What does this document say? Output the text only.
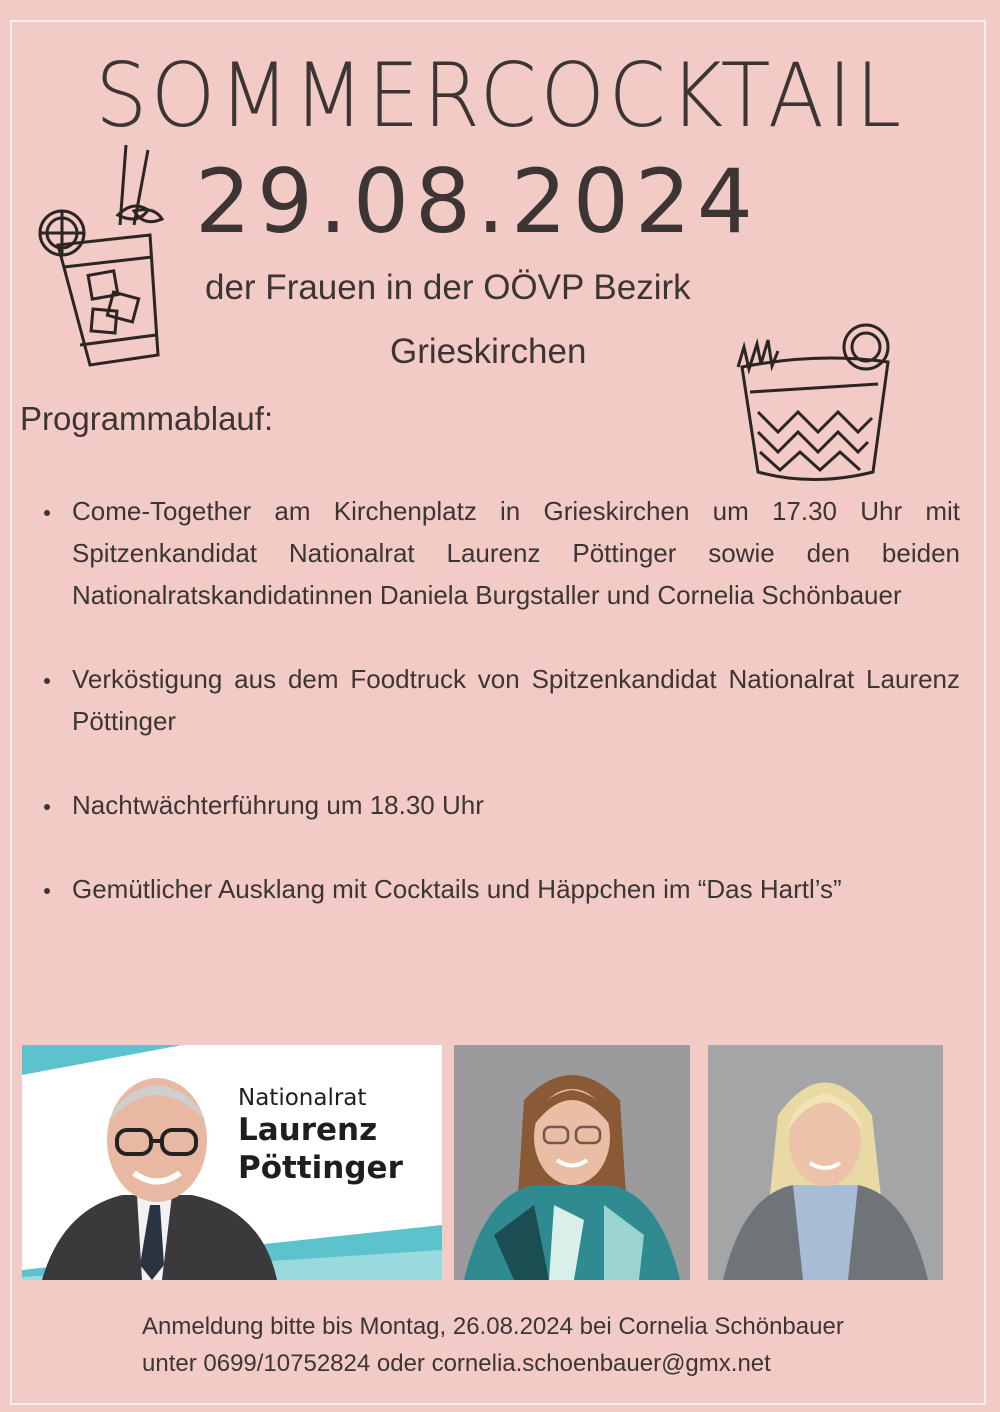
SOMMERCOCKTAIL
29.08.2024
der Frauen in der OÖVP Bezirk
Grieskirchen
Programmablauf:
Come-Together am Kirchenplatz in Grieskirchen um 17.30 Uhr mit Spitzenkandidat Nationalrat Laurenz Pöttinger sowie den beiden Nationalratskandidatinnen Daniela Burgstaller und Cornelia Schönbauer
Verköstigung aus dem Foodtruck von Spitzenkandidat Nationalrat Laurenz Pöttinger
Nachtwächterführung um 18.30 Uhr
Gemütlicher Ausklang mit Cocktails und Häppchen im “Das Hartl’s”
Nationalrat
Laurenz
Pöttinger
Anmeldung bitte bis Montag, 26.08.2024 bei Cornelia Schönbauer
unter 0699/10752824 oder cornelia.schoenbauer@gmx.net
